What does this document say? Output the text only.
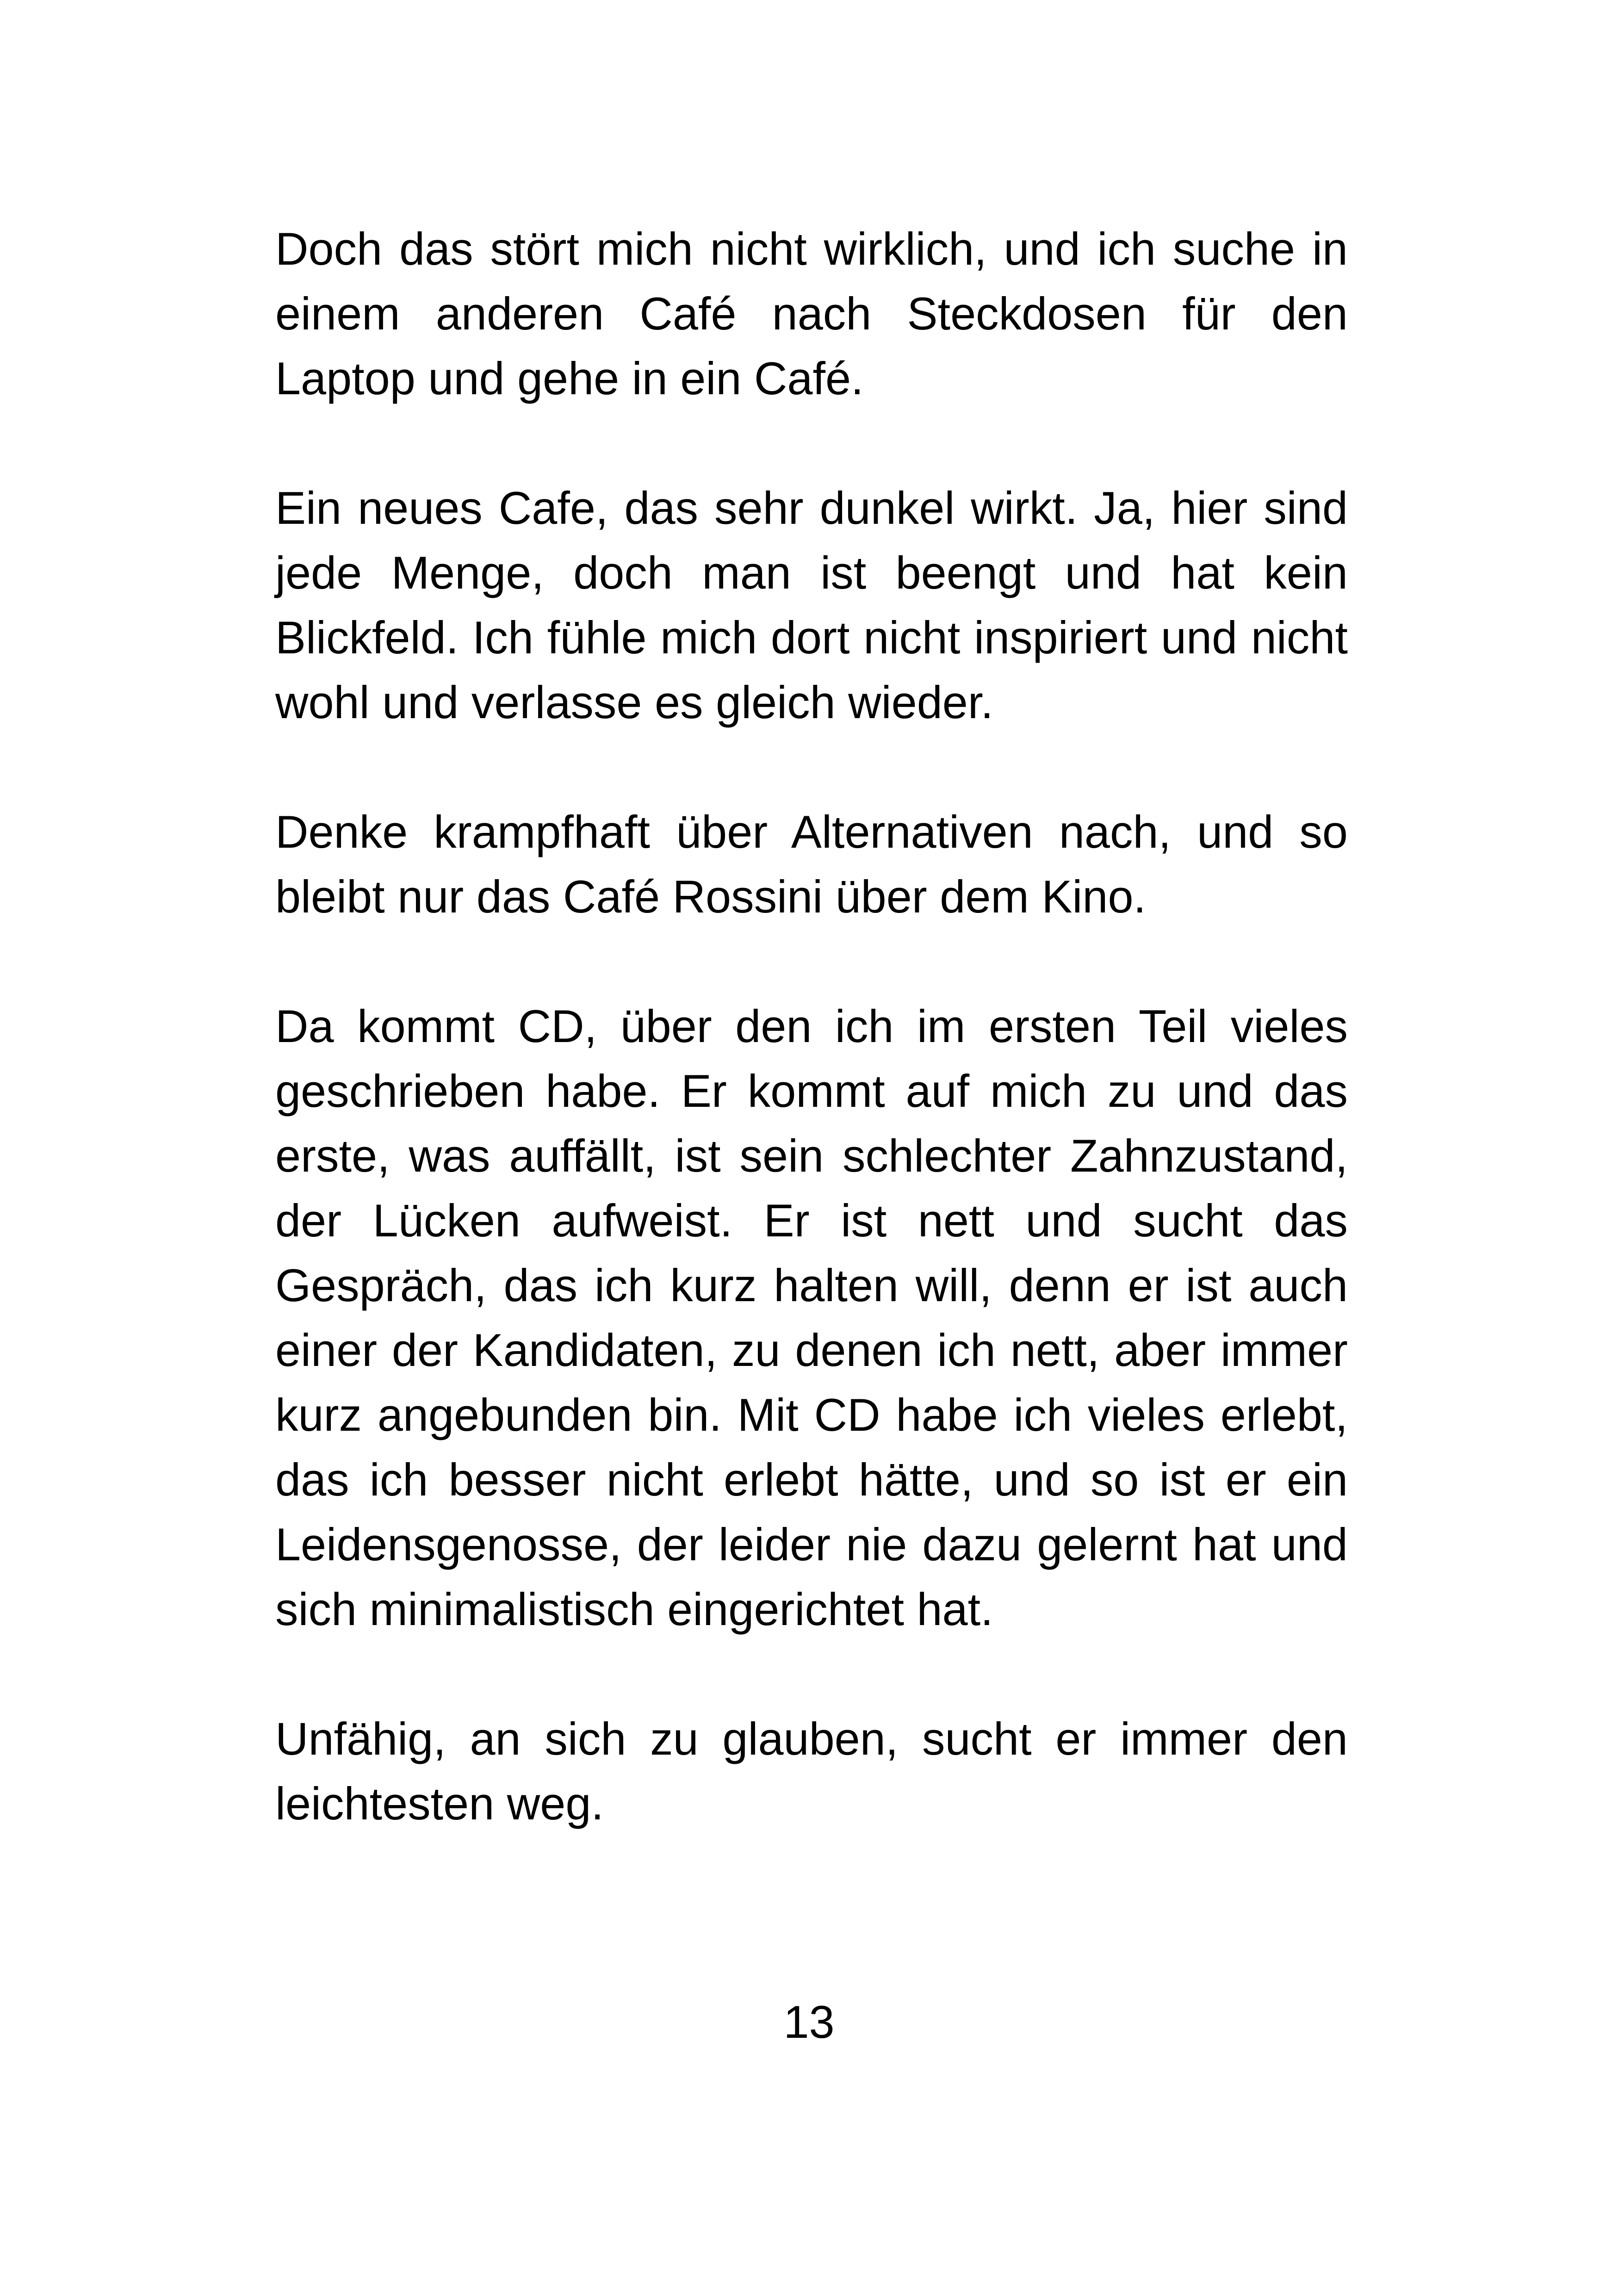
Doch das stört mich nicht wirklich, und ich suche in einem anderen Café nach Steckdosen für den Laptop und gehe in ein Café.

Ein neues Cafe, das sehr dunkel wirkt. Ja, hier sind jede Menge, doch man ist beengt und hat kein Blickfeld. Ich fühle mich dort nicht inspiriert und nicht wohl und verlasse es gleich wieder.

Denke krampfhaft über Alternativen nach, und so bleibt nur das Café Rossini über dem Kino.

Da kommt CD, über den ich im ersten Teil vieles geschrieben habe. Er kommt auf mich zu und das erste, was auffällt, ist sein schlechter Zahnzustand, der Lücken aufweist. Er ist nett und sucht das Gespräch, das ich kurz halten will, denn er ist auch einer der Kandidaten, zu denen ich nett, aber immer kurz angebunden bin. Mit CD habe ich vieles erlebt, das ich besser nicht erlebt hätte, und so ist er ein Leidensgenosse, der leider nie dazu gelernt hat und sich minimalistisch eingerichtet hat.

Unfähig, an sich zu glauben, sucht er immer den leichtesten weg.

13
